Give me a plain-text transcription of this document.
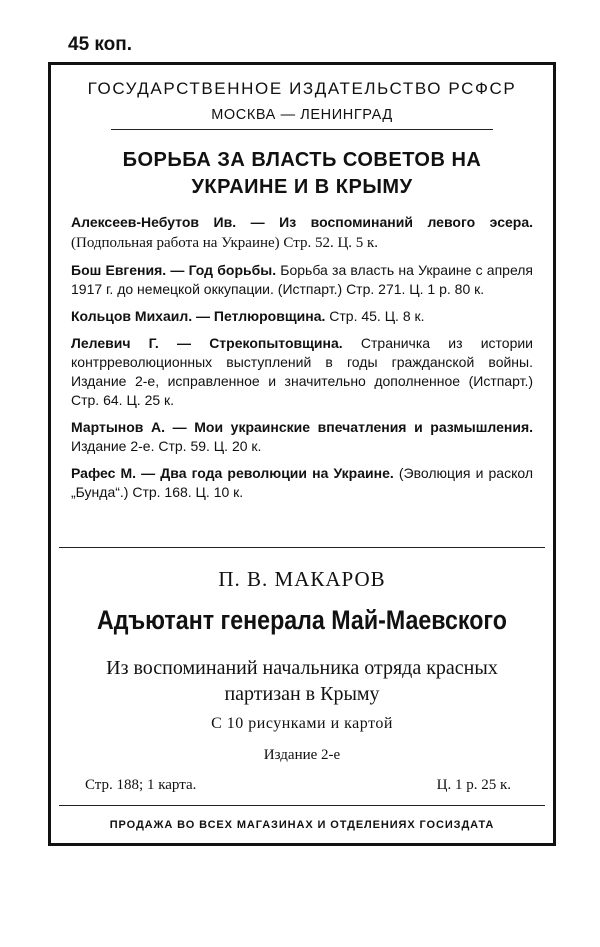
45 коп.
ГОСУДАРСТВЕННОЕ ИЗДАТЕЛЬСТВО РСФСР
МОСКВА — ЛЕНИНГРАД
БОРЬБА ЗА ВЛАСТЬ СОВЕТОВ НА
УКРАИНЕ И В КРЫМУ
Алексеев-Небутов Ив. — Из воспоминаний левого эсера. (Подпольная работа на Украине) Стр. 52. Ц. 5 к.
Бош Евгения. — Год борьбы. Борьба за власть на Украине с апреля 1917 г. до немецкой оккупации. (Истпарт.) Стр. 271. Ц. 1 р. 80 к.
Кольцов Михаил. — Петлюровщина. Стр. 45. Ц. 8 к.
Лелевич Г. — Стрекопытовщина. Страничка из истории контрреволюционных выступлений в годы гражданской войны. Издание 2-е, исправленное и значительно дополненное (Истпарт.) Стр. 64. Ц. 25 к.
Мартынов А. — Мои украинские впечатления и размышления. Издание 2-е. Стр. 59. Ц. 20 к.
Рафес М. — Два года революции на Украине. (Эволюция и раскол „Бунда“.) Стр. 168. Ц. 10 к.
П. В. МАКАРОВ
Адъютант генерала Май-Маевского
Из воспоминаний начальника отряда красных
партизан в Крыму
С 10 рисунками и картой
Издание 2-е
Стр. 188; 1 карта.	Ц. 1 р. 25 к.
ПРОДАЖА ВО ВСЕХ МАГАЗИНАХ И ОТДЕЛЕНИЯХ ГОСИЗДАТА
